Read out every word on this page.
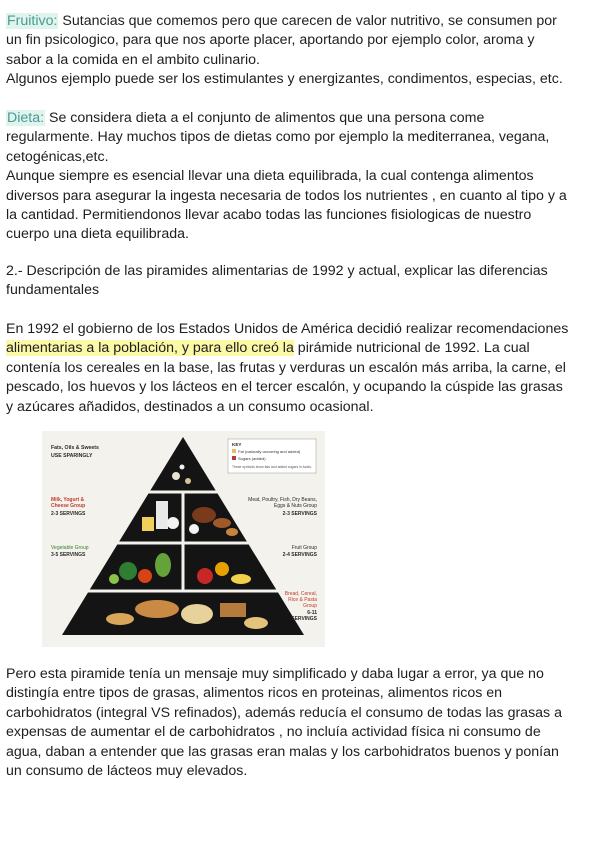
Fruitivo: Sutancias que comemos pero que carecen de valor nutritivo, se consumen por

un fin psicologico, para que nos aporte placer, aportando por ejemplo color, aroma y

sabor a la comida en el ambito culinario.

Algunos ejemplo puede ser los estimulantes y energizantes, condimentos, especias, etc.

Dieta: Se considera dieta a el conjunto de alimentos que una persona come

regularmente. Hay muchos tipos de dietas como por ejemplo la mediterranea, vegana,

cetogénicas,etc.

Aunque siempre es esencial llevar una dieta equilibrada, la cual contenga alimentos

diversos para asegurar la ingesta necesaria de todos los nutrientes , en cuanto al tipo y a

la cantidad. Permitiendonos llevar acabo todas las funciones fisiologicas de nuestro

cuerpo una dieta equilibrada.

2.- Descripción de las piramides alimentarias de 1992 y actual, explicar las diferencias

fundamentales

En 1992 el gobierno de los Estados Unidos de América decidió realizar recomendaciones

alimentarias a la población, y para ello creó la pirámide nutricional de 1992. La cual

contenía los cereales en la base, las frutas y verduras un escalón más arriba, la carne, el

pescado, los huevos y los lácteos en el tercer escalón, y ocupando la cúspide las grasas

y azúcares añadidos, destinados a un consumo ocasional.

Fats, Oils & Sweets
USE SPARINGLY
KEY
Fat (naturally occurring and added)
Sugars (added)
These symbols show fats and added sugars in foods.
Milk, Yogurt &
Cheese Group
2-3 SERVINGS
Meat, Poultry, Fish, Dry Beans,
Eggs & Nuts Group
2-3 SERVINGS
Vegetable Group
3-5 SERVINGS
Fruit Group
2-4 SERVINGS
Bread, Cereal,
Rice & Pasta
Group
6-11
SERVINGS

Pero esta piramide tenía un mensaje muy simplificado y daba lugar a error, ya que no

distingía entre tipos de grasas, alimentos ricos en proteinas, alimentos ricos en

carbohidratos (integral VS refinados), además reducía el consumo de todas las grasas a

expensas de aumentar el de carbohidratos , no incluía actividad física ni consumo de

agua, daban a entender que las grasas eran malas y los carbohidratos buenos y ponían

un consumo de lácteos muy elevados.
